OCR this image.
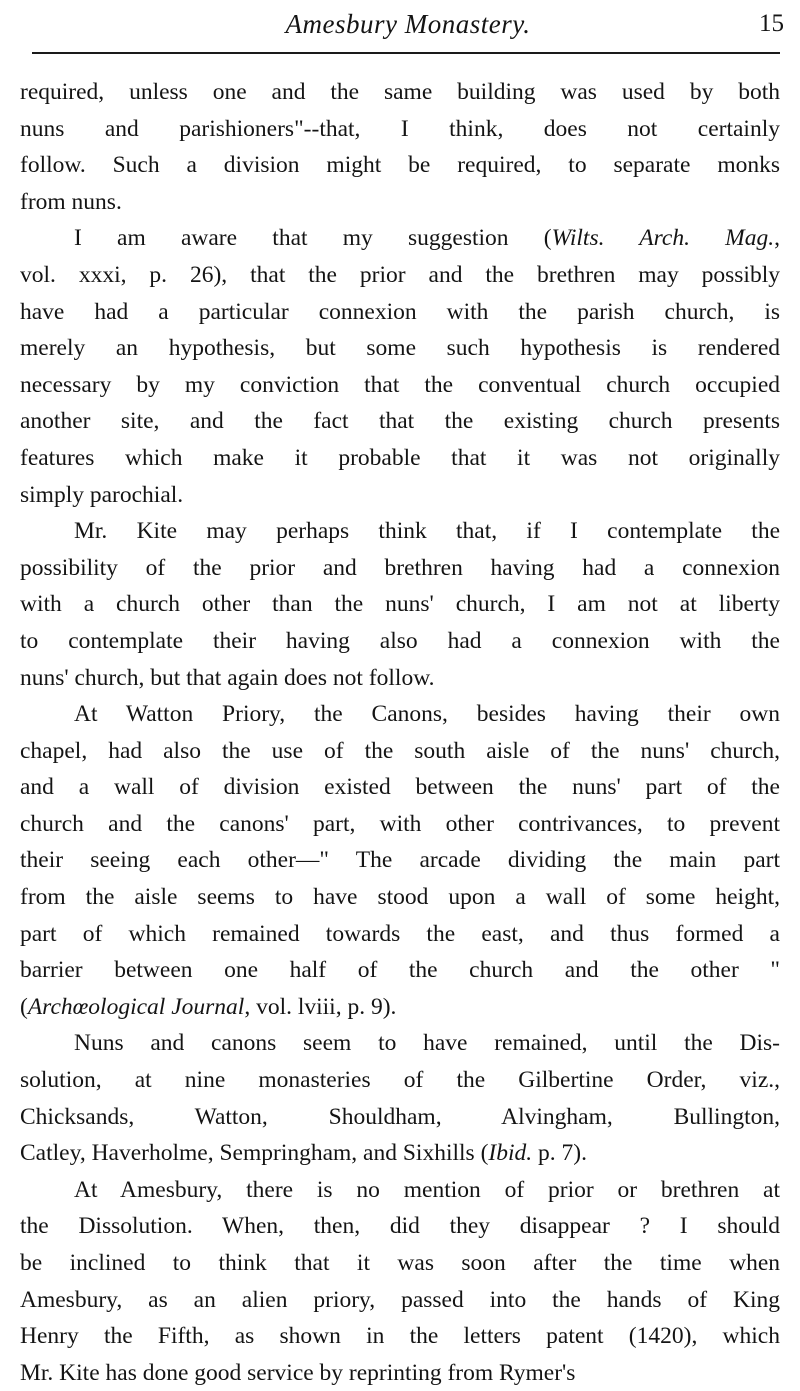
Amesbury Monastery.	15
required, unless one and the same building was used by both
nuns and parishioners"--that, I think, does not certainly
follow. Such a division might be required, to separate monks
from nuns.
I am aware that my suggestion (Wilts. Arch. Mag.,
vol. xxxi, p. 26), that the prior and the brethren may possibly
have had a particular connexion with the parish church, is
merely an hypothesis, but some such hypothesis is rendered
necessary by my conviction that the conventual church occupied
another site, and the fact that the existing church presents
features which make it probable that it was not originally
simply parochial.
Mr. Kite may perhaps think that, if I contemplate the
possibility of the prior and brethren having had a connexion
with a church other than the nuns' church, I am not at liberty
to contemplate their having also had a connexion with the
nuns' church, but that again does not follow.
At Watton Priory, the Canons, besides having their own
chapel, had also the use of the south aisle of the nuns' church,
and a wall of division existed between the nuns' part of the
church and the canons' part, with other contrivances, to prevent
their seeing each other—" The arcade dividing the main part
from the aisle seems to have stood upon a wall of some height,
part of which remained towards the east, and thus formed a
barrier between one half of the church and the other "
(Archœological Journal, vol. lviii, p. 9).
Nuns and canons seem to have remained, until the Dis-
solution, at nine monasteries of the Gilbertine Order, viz.,
Chicksands, Watton, Shouldham, Alvingham, Bullington,
Catley, Haverholme, Sempringham, and Sixhills (Ibid. p. 7).
At Amesbury, there is no mention of prior or brethren at
the Dissolution. When, then, did they disappear ? I should
be inclined to think that it was soon after the time when
Amesbury, as an alien priory, passed into the hands of King
Henry the Fifth, as shown in the letters patent (1420), which
Mr. Kite has done good service by reprinting from Rymer's
